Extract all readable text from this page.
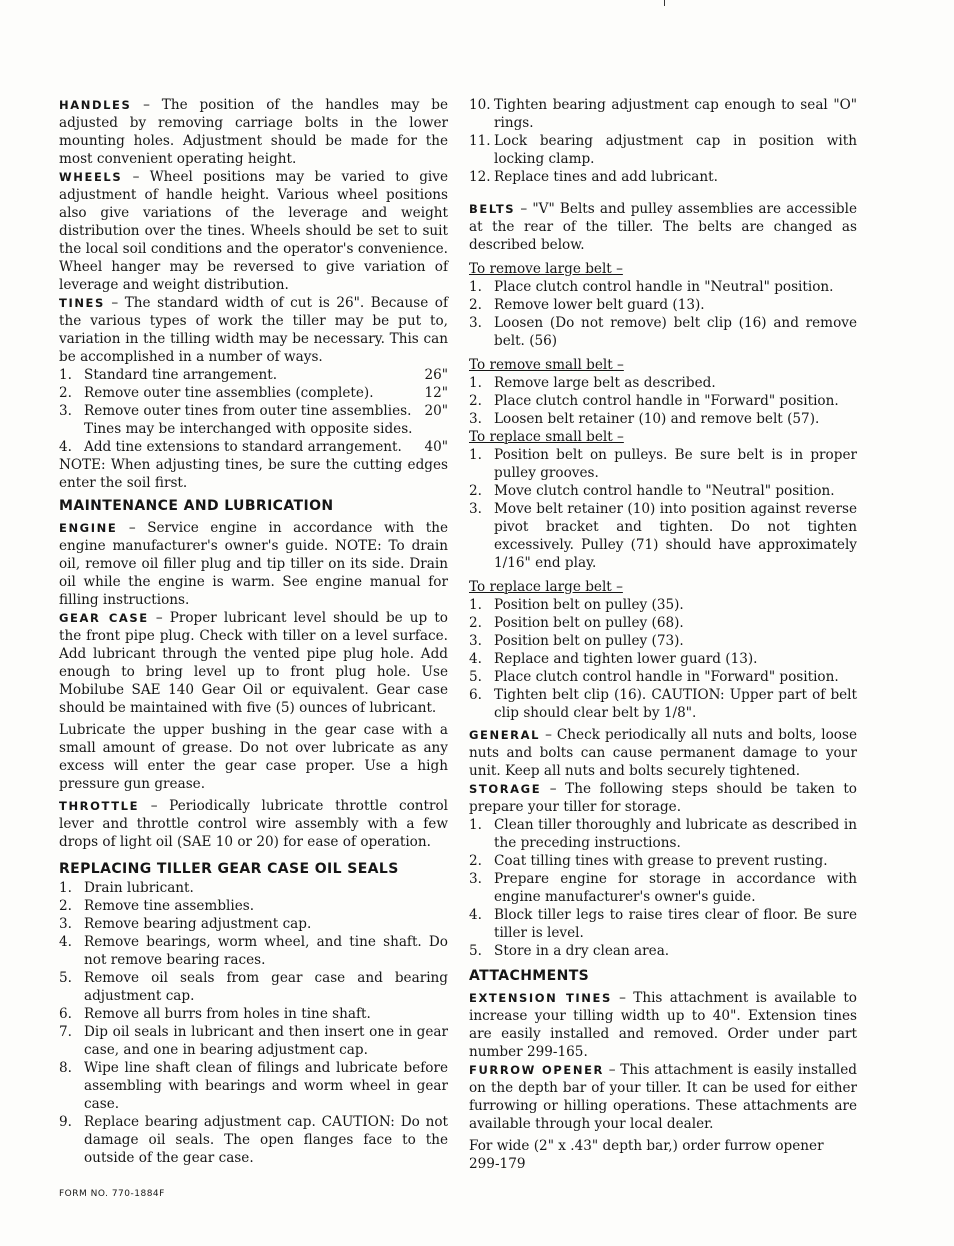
HANDLES – The position of the handles may be adjusted by removing carriage bolts in the lower mounting holes. Adjustment should be made for the most convenient operating height.

WHEELS – Wheel positions may be varied to give adjustment of handle height. Various wheel positions also give variations of the leverage and weight distribution over the tines. Wheels should be set to suit the local soil conditions and the operator's convenience. Wheel hanger may be reversed to give variation of leverage and weight distribution.

TINES – The standard width of cut is 26". Because of the various types of work the tiller may be put to, variation in the tilling width may be necessary. This can be accomplished in a number of ways.

1. Standard tine arrangement.	26"
2. Remove outer tine assemblies (complete).	12"
3. Remove outer tines from outer tine assemblies. 20"
Tines may be interchanged with opposite sides.
4. Add tine extensions to standard arrangement. 40"

NOTE: When adjusting tines, be sure the cutting edges enter the soil first.

MAINTENANCE AND LUBRICATION

ENGINE – Service engine in accordance with the engine manufacturer's owner's guide. NOTE: To drain oil, remove oil filler plug and tip tiller on its side. Drain oil while the engine is warm. See engine manual for filling instructions.

GEAR CASE – Proper lubricant level should be up to the front pipe plug. Check with tiller on a level surface. Add lubricant through the vented pipe plug hole. Add enough to bring level up to front plug hole. Use Mobilube SAE 140 Gear Oil or equivalent. Gear case should be maintained with five (5) ounces of lubricant.

Lubricate the upper bushing in the gear case with a small amount of grease. Do not over lubricate as any excess will enter the gear case proper. Use a high pressure gun grease.

THROTTLE – Periodically lubricate throttle control lever and throttle control wire assembly with a few drops of light oil (SAE 10 or 20) for ease of operation.

REPLACING TILLER GEAR CASE OIL SEALS
1. Drain lubricant.
2. Remove tine assemblies.
3. Remove bearing adjustment cap.
4. Remove bearings, worm wheel, and tine shaft. Do not remove bearing races.
5. Remove oil seals from gear case and bearing adjustment cap.
6. Remove all burrs from holes in tine shaft.
7. Dip oil seals in lubricant and then insert one in gear case, and one in bearing adjustment cap.
8. Wipe line shaft clean of filings and lubricate before assembling with bearings and worm wheel in gear case.
9. Replace bearing adjustment cap. CAUTION: Do not damage oil seals. The open flanges face to the outside of the gear case.
10. Tighten bearing adjustment cap enough to seal "O" rings.
11. Lock bearing adjustment cap in position with locking clamp.
12. Replace tines and add lubricant.

BELTS – "V" Belts and pulley assemblies are accessible at the rear of the tiller. The belts are changed as described below.

To remove large belt –
1. Place clutch control handle in "Neutral" position.
2. Remove lower belt guard (13).
3. Loosen (Do not remove) belt clip (16) and remove belt. (56)
To remove small belt –
1. Remove large belt as described.
2. Place clutch control handle in "Forward" position.
3. Loosen belt retainer (10) and remove belt (57).
To replace small belt –
1. Position belt on pulleys. Be sure belt is in proper pulley grooves.
2. Move clutch control handle to "Neutral" position.
3. Move belt retainer (10) into position against reverse pivot bracket and tighten. Do not tighten excessively. Pulley (71) should have approximately 1/16" end play.
To replace large belt –
1. Position belt on pulley (35).
2. Position belt on pulley (68).
3. Position belt on pulley (73).
4. Replace and tighten lower guard (13).
5. Place clutch control handle in "Forward" position.
6. Tighten belt clip (16). CAUTION: Upper part of belt clip should clear belt by 1/8".

GENERAL – Check periodically all nuts and bolts, loose nuts and bolts can cause permanent damage to your unit. Keep all nuts and bolts securely tightened.

STORAGE – The following steps should be taken to prepare your tiller for storage.

1. Clean tiller thoroughly and lubricate as described in the preceding instructions.
2. Coat tilling tines with grease to prevent rusting.
3. Prepare engine for storage in accordance with engine manufacturer's owner's guide.
4. Block tiller legs to raise tires clear of floor. Be sure tiller is level.
5. Store in a dry clean area.
ATTACHMENTS

EXTENSION TINES – This attachment is available to increase your tilling width up to 40". Extension tines are easily installed and removed. Order under part number 299-165.

FURROW OPENER – This attachment is easily installed on the depth bar of your tiller. It can be used for either furrowing or hilling operations. These attachments are available through your local dealer.

For wide (2" x .43" depth bar,) order furrow opener 299-179

FORM NO. 770-1884F
